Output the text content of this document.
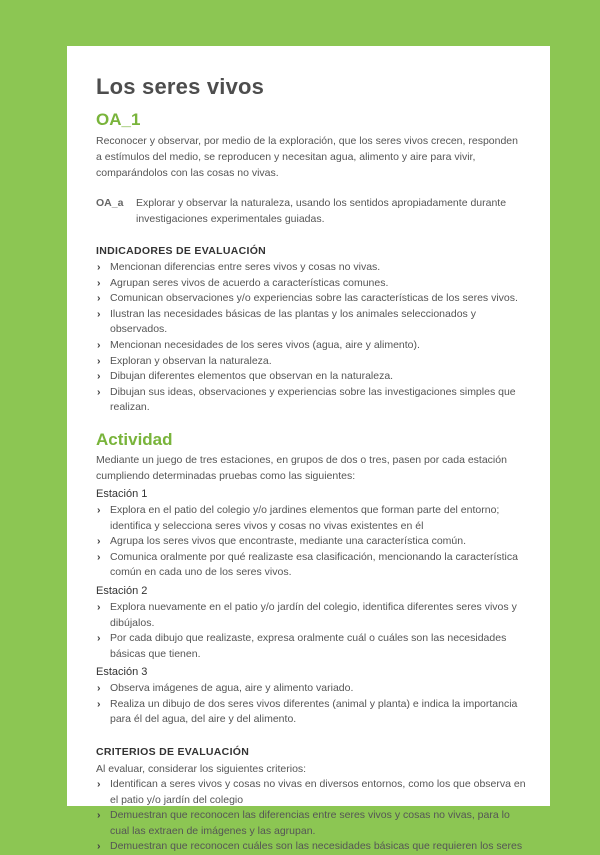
Los seres vivos
OA_1

Reconocer y observar, por medio de la exploración, que los seres vivos crecen, responden a estímulos del medio, se reproducen y necesitan agua, alimento y aire para vivir, comparándolos con las cosas no vivas.

OA_a	Explorar y observar la naturaleza, usando los sentidos apropiadamente durante investigaciones experimentales guiadas.
INDICADORES DE EVALUACIÓN
› Mencionan diferencias entre seres vivos y cosas no vivas.
› Agrupan seres vivos de acuerdo a características comunes.
› Comunican observaciones y/o experiencias sobre las características de los seres vivos.
› Ilustran las necesidades básicas de las plantas y los animales seleccionados y observados.
› Mencionan necesidades de los seres vivos (agua, aire y alimento).
› Exploran y observan la naturaleza.
› Dibujan diferentes elementos que observan en la naturaleza.
› Dibujan sus ideas, observaciones y experiencias sobre las investigaciones simples que realizan.
Actividad

Mediante un juego de tres estaciones, en grupos de dos o tres, pasen por cada estación cumpliendo determinadas pruebas como las siguientes:

Estación 1
› Explora en el patio del colegio y/o jardines elementos que forman parte del entorno; identifica y selecciona seres vivos y cosas no vivas existentes en él
› Agrupa los seres vivos que encontraste, mediante una característica común.
› Comunica oralmente por qué realizaste esa clasificación, mencionando la característica común en cada uno de los seres vivos.
Estación 2
› Explora nuevamente en el patio y/o jardín del colegio, identifica diferentes seres vivos y dibújalos.
› Por cada dibujo que realizaste, expresa oralmente cuál o cuáles son las necesidades básicas que tienen.
Estación 3
› Observa imágenes de agua, aire y alimento variado.
› Realiza un dibujo de dos seres vivos diferentes (animal y planta) e indica la importancia para él del agua, del aire y del alimento.
CRITERIOS DE EVALUACIÓN

Al evaluar, considerar los siguientes criterios:

› Identifican a seres vivos y cosas no vivas en diversos entornos, como los que observa en el patio y/o jardín del colegio
› Demuestran que reconocen las diferencias entre seres vivos y cosas no vivas, para lo cual las extraen de imágenes y las agrupan.
› Demuestran que reconocen cuáles son las necesidades básicas que requieren los seres
